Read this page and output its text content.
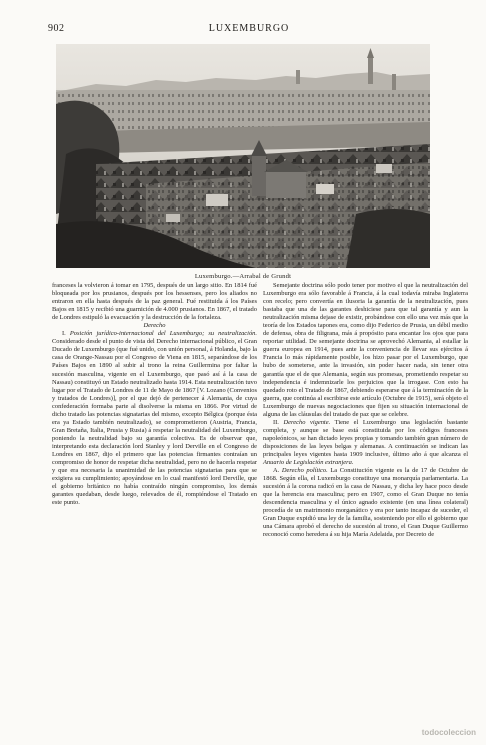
902	LUXEMBURGO
Luxemburgo.—Arrabal de Grundt

franceses la volvieron á tomar en 1795, después de un largo sitio. En 1814 fué bloqueada por los prusianos, después por los hessenses, pero los aliados no entraron en ella hasta después de la paz general. Fué restituida á los Países Bajos en 1815 y recibió una guarnición de 4.000 prusianos. En 1867, el tratado de Londres estipuló la evacuación y la destrucción de la fortaleza.

Derecho

I. Posición jurídico-internacional del Luxemburgo; su neutralización. Considerado desde el punto de vista del Derecho internacional público, el Gran Ducado de Luxemburgo (que fué unido, con unión personal, á Holanda, bajo la casa de Orange-Nassau por el Congreso de Viena en 1815, separándose de los Países Bajos en 1890 al subir al trono la reina Guillermina por faltar la sucesión masculina, vigente en el Luxemburgo, que pasó así á la casa de Nassau) constituyó un Estado neutralizado hasta 1914. Esta neutralización tuvo lugar por el Tratado de Londres de 11 de Mayo de 1867 [V. Lozano (Convenios y tratados de Londres)], por el que dejó de pertenecer á Alemania, de cuya confederación formaba parte al disolverse la misma en 1866. Por virtud de dicho tratado las potencias signatarias del mismo, excepto Bélgica (porque ésta era ya Estado también neutralizado), se comprometieron (Austria, Francia, Gran Bretaña, Italia, Prusia y Rusia) á respetar la neutralidad del Luxemburgo, poniendo la neutralidad bajo su garantía colectiva. Es de observar que, interpretando esta declaración lord Stanley y lord Derville en el Congreso de Londres en 1867, dijo el primero que las potencias firmantes contraían un compromiso de honor de respetar dicha neutralidad, pero no de hacerla respetar y que era necesaria la unanimidad de las potencias signatarias para que se exigiera su cumplimiento; apoyándose en lo cual manifestó lord Derville, que el gobierno británico no había contraído ningún compromiso, los demás garantes quedaban, desde luego, relevados de él, rompiéndose el Tratado en este punto.

Semejante doctrina sólo podo tener por motivo el que la neutralización del Luxemburgo era sólo favorable á Francia, á la cual todavía miraba Inglaterra con recelo; pero convertía en ilusoria la garantía de la neutralización, pues bastaba que una de las garantes deshiciese para que tal garantía y aun la neutralización misma dejase de existir, probándose con ello una vez más que la teoría de los Estados tapones era, como dijo Federico de Prusia, un débil medio de defensa, obra de filigrana, más á propósito para encantar los ojos que para reportar utilidad. De semejante doctrina se aprovechó Alemania, al estallar la guerra europea en 1914, pues ante la conveniencia de llevar sus ejércitos á Francia lo más rápidamente posible, los hizo pasar por el Luxemburgo, que hubo de someterse, ante la invasión, sin poder hacer nada, sin tener otra garantía que el de que Alemania, según sus promesas, prometiendo respetar su independencia é indemnizarle los perjuicios que la irrogase. Con esto ha quedado roto el Tratado de 1867, debiendo esperarse que á la terminación de la guerra, que continúa al escribirse este artículo (Octubre de 1915), será objeto el Luxemburgo de nuevas negociaciones que fijen su situación internacional de alguna de las cláusulas del tratado de paz que se celebre.

II. Derecho vigente. Tiene el Luxemburgo una legislación bastante completa, y aunque se base está constituida por los códigos franceses napoleónicos, se han dictado leyes propias y tomando también gran número de disposiciones de las leyes belgas y alemanas. A continuación se indican las principales leyes vigentes hasta 1909 inclusive, último año á que alcanza el Anuario de Legislación extranjera.

A. Derecho político. La Constitución vigente es la de 17 de Octubre de 1868. Según ella, el Luxemburgo constituye una monarquía parlamentaria. La sucesión á la corona radicó en la casa de Nassau, y dicha ley hace poco desde que la herencia era masculina; pero en 1907, como el Gran Duque no tenía descendencia masculina y el único agnado existente (en una línea colateral) procedía de un matrimonio morganático y era por tanto incapaz de suceder, el Gran Duque expidió una ley de la familia, sosteniendo por ello el gobierno que una Cámara aprobó el derecho de sucesión al trono, el Gran Duque Guillermo reconoció como heredera á su hija María Adelaida, por Decreto de

todocoleccion
